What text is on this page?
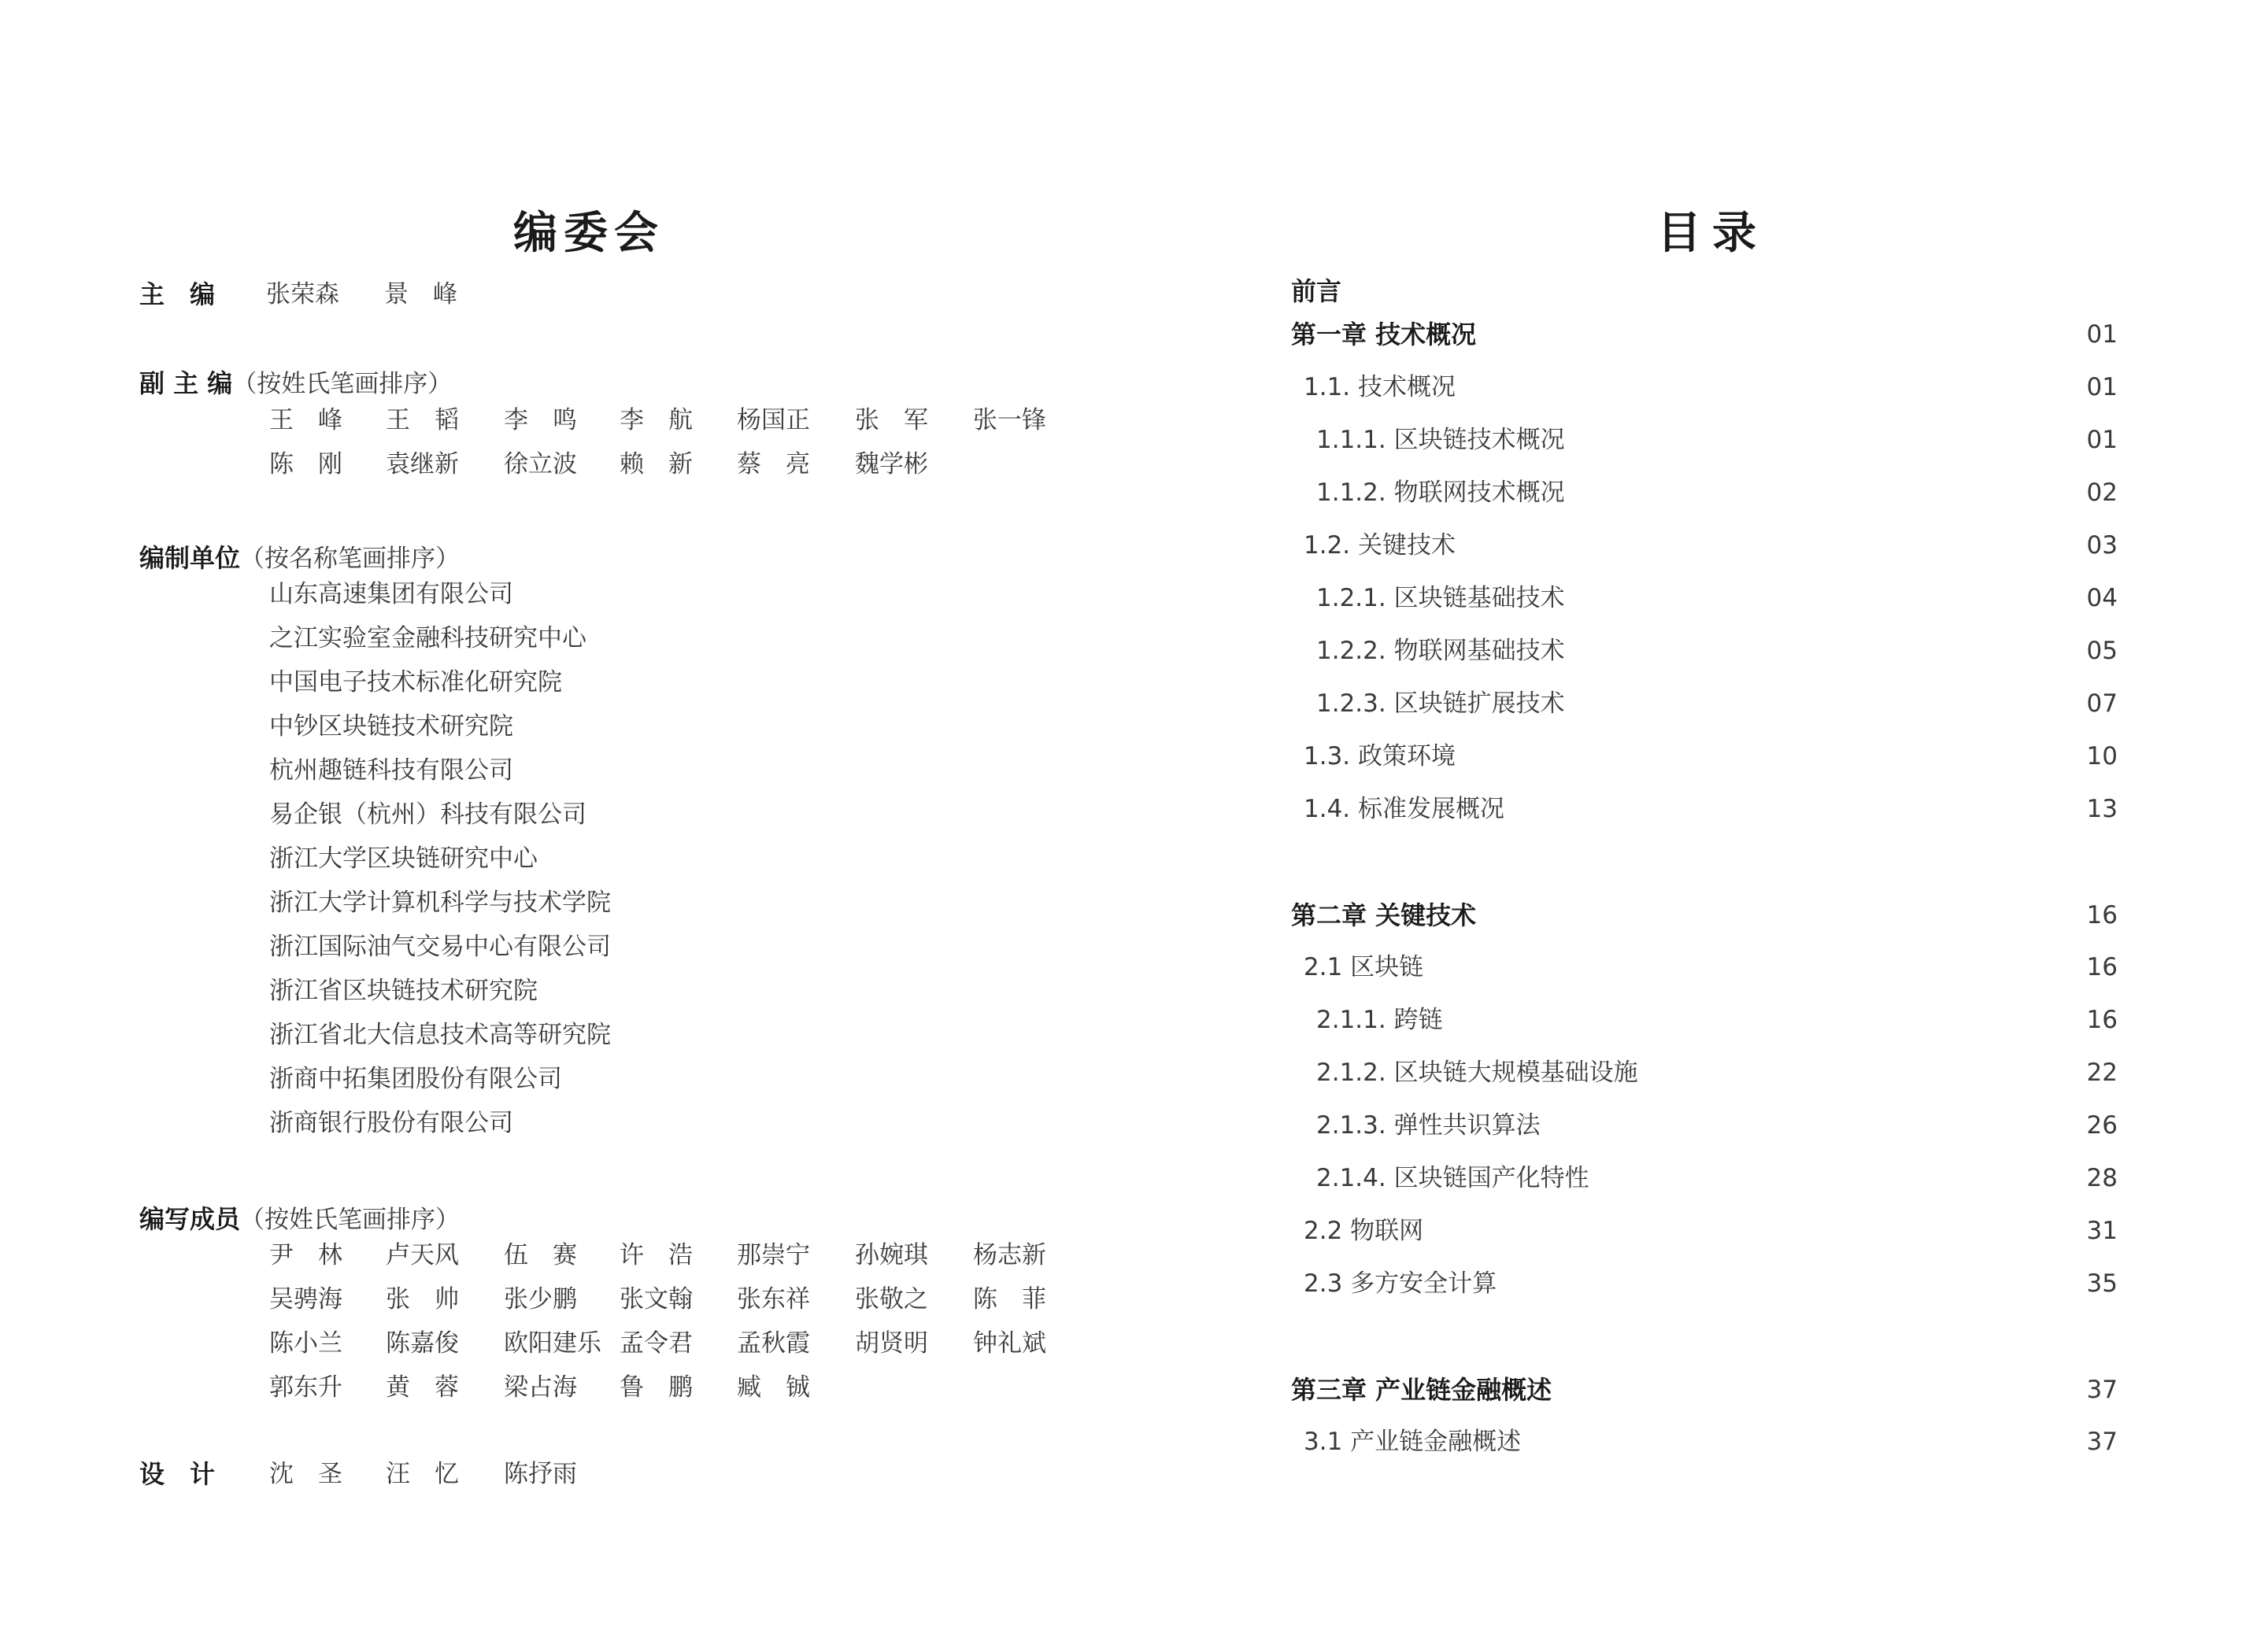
编委会
主　编 张荣森 景　峰
副 主 编（按姓氏笔画排序）
王　峰 王　韬 李　鸣 李　航 杨国正 张　军 张一锋
陈　刚 袁继新 徐立波 赖　新 蔡　亮 魏学彬
编制单位（按名称笔画排序）
山东高速集团有限公司
之江实验室金融科技研究中心
中国电子技术标准化研究院
中钞区块链技术研究院
杭州趣链科技有限公司
易企银（杭州）科技有限公司
浙江大学区块链研究中心
浙江大学计算机科学与技术学院
浙江国际油气交易中心有限公司
浙江省区块链技术研究院
浙江省北大信息技术高等研究院
浙商中拓集团股份有限公司
浙商银行股份有限公司
编写成员（按姓氏笔画排序）
尹　林 卢天风 伍　赛 许　浩 那崇宁 孙婉琪 杨志新
吴骋海 张　帅 张少鹏 张文翰 张东祥 张敬之 陈　菲
陈小兰 陈嘉俊 欧阳建乐 孟令君 孟秋霞 胡贤明 钟礼斌
郭东升 黄　蓉 梁占海 鲁　鹏 臧　铖
设　计 沈　圣 汪　忆 陈抒雨
目录
前言
第一章 技术概况	01
1.1. 技术概况	01
1.1.1. 区块链技术概况	01
1.1.2. 物联网技术概况	02
1.2. 关键技术	03
1.2.1. 区块链基础技术	04
1.2.2. 物联网基础技术	05
1.2.3. 区块链扩展技术	07
1.3. 政策环境	10
1.4. 标准发展概况	13
第二章 关键技术	16
2.1 区块链	16
2.1.1. 跨链	16
2.1.2. 区块链大规模基础设施	22
2.1.3. 弹性共识算法	26
2.1.4. 区块链国产化特性	28
2.2 物联网	31
2.3 多方安全计算	35
第三章 产业链金融概述	37
3.1 产业链金融概述	37
